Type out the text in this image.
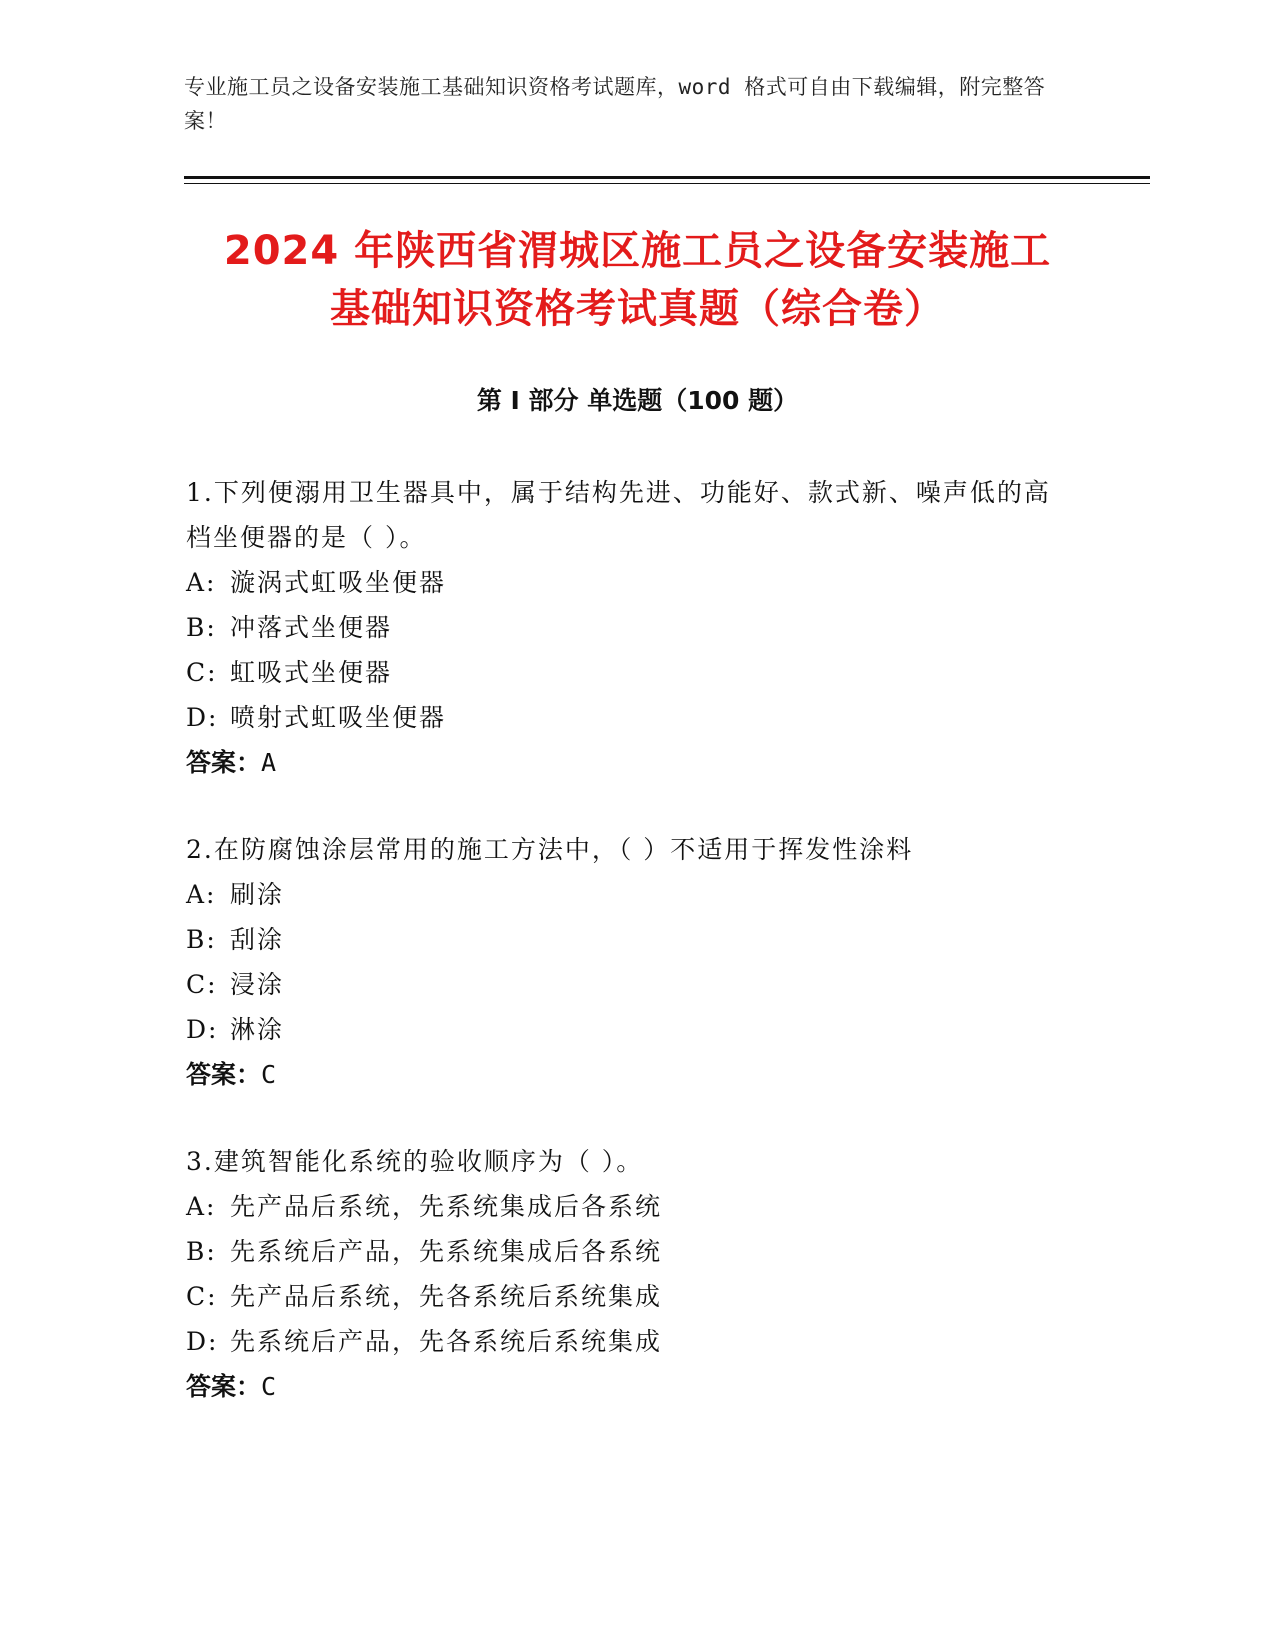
专业施工员之设备安装施工基础知识资格考试题库，word 格式可自由下载编辑，附完整答案！
2024 年陕西省渭城区施工员之设备安装施工
基础知识资格考试真题（综合卷）
第 I 部分 单选题（100 题）

1.下列便溺用卫生器具中，属于结构先进、功能好、款式新、噪声低的高档坐便器的是（ ）。

A: 漩涡式虹吸坐便器
B: 冲落式坐便器
C: 虹吸式坐便器
D: 喷射式虹吸坐便器
答案：A

2.在防腐蚀涂层常用的施工方法中，（ ）不适用于挥发性涂料

A: 刷涂
B: 刮涂
C: 浸涂
D: 淋涂
答案：C

3.建筑智能化系统的验收顺序为（ ）。

A: 先产品后系统，先系统集成后各系统
B: 先系统后产品，先系统集成后各系统
C: 先产品后系统，先各系统后系统集成
D: 先系统后产品，先各系统后系统集成
答案：C
